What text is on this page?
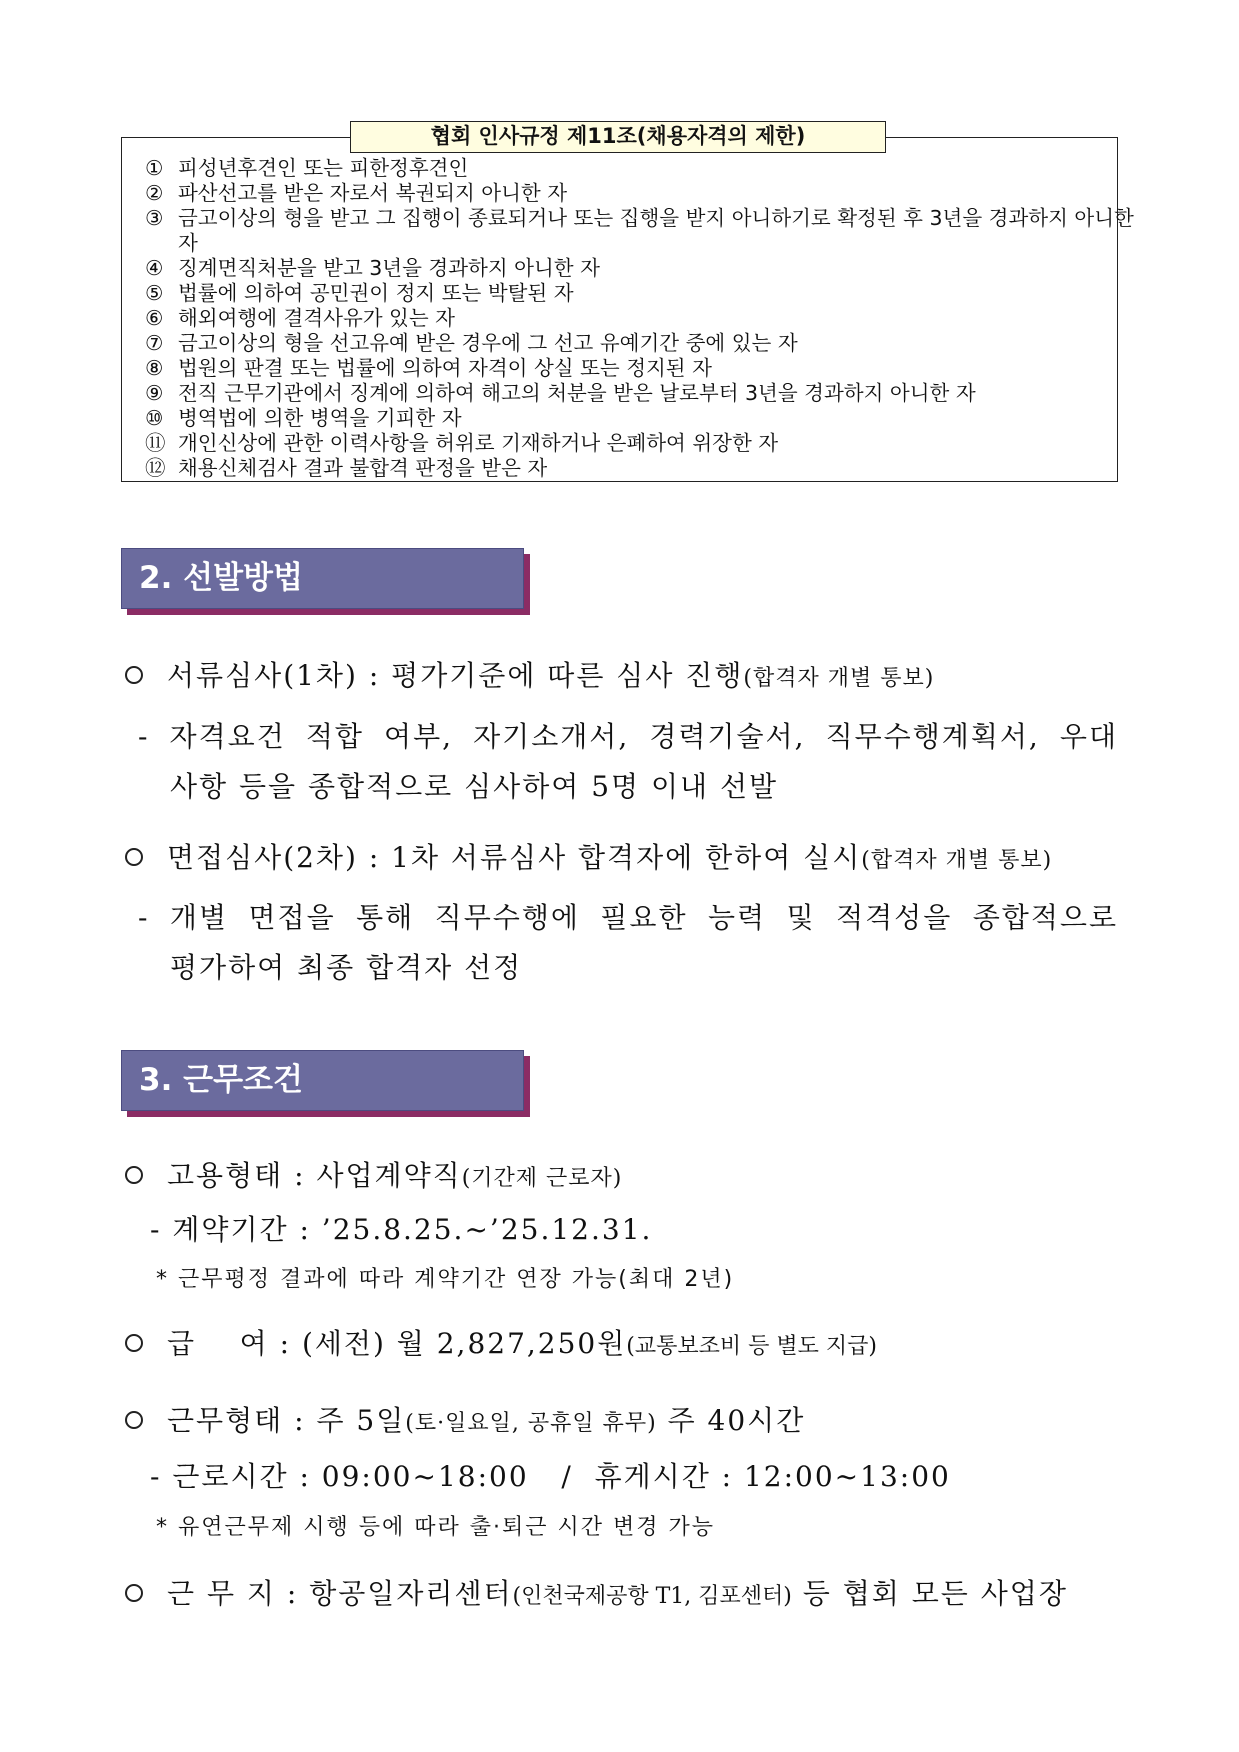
협회 인사규정 제11조(채용자격의 제한)
① 피성년후견인 또는 피한정후견인
② 파산선고를 받은 자로서 복권되지 아니한 자
③ 금고이상의 형을 받고 그 집행이 종료되거나 또는 집행을 받지 아니하기로 확정된 후 3년을 경과하지 아니한 자
④ 징계면직처분을 받고 3년을 경과하지 아니한 자
⑤ 법률에 의하여 공민권이 정지 또는 박탈된 자
⑥ 해외여행에 결격사유가 있는 자
⑦ 금고이상의 형을 선고유예 받은 경우에 그 선고 유예기간 중에 있는 자
⑧ 법원의 판결 또는 법률에 의하여 자격이 상실 또는 정지된 자
⑨ 전직 근무기관에서 징계에 의하여 해고의 처분을 받은 날로부터 3년을 경과하지 아니한 자
⑩ 병역법에 의한 병역을 기피한 자
⑪ 개인신상에 관한 이력사항을 허위로 기재하거나 은폐하여 위장한 자
⑫ 채용신체검사 결과 불합격 판정을 받은 자
2. 선발방법
서류심사(1차) : 평가기준에 따른 심사 진행(합격자 개별 통보)
- 자격요건 적합 여부, 자기소개서, 경력기술서, 직무수행계획서, 우대
사항 등을 종합적으로 심사하여 5명 이내 선발
면접심사(2차) : 1차 서류심사 합격자에 한하여 실시(합격자 개별 통보)
- 개별 면접을 통해 직무수행에 필요한 능력 및 적격성을 종합적으로
평가하여 최종 합격자 선정
3. 근무조건
고용형태 : 사업계약직(기간제 근로자)
- 계약기간 : ’25.8.25.~’25.12.31.
* 근무평정 결과에 따라 계약기간 연장 가능(최대 2년)
급    여 : (세전) 월 2,827,250원(교통보조비 등 별도 지급)
근무형태 : 주 5일(토·일요일, 공휴일 휴무) 주 40시간
- 근로시간 : 09:00~18:00   /  휴게시간 : 12:00~13:00
* 유연근무제 시행 등에 따라 출·퇴근 시간 변경 가능
근 무 지 : 항공일자리센터(인천국제공항 T1, 김포센터) 등 협회 모든 사업장
